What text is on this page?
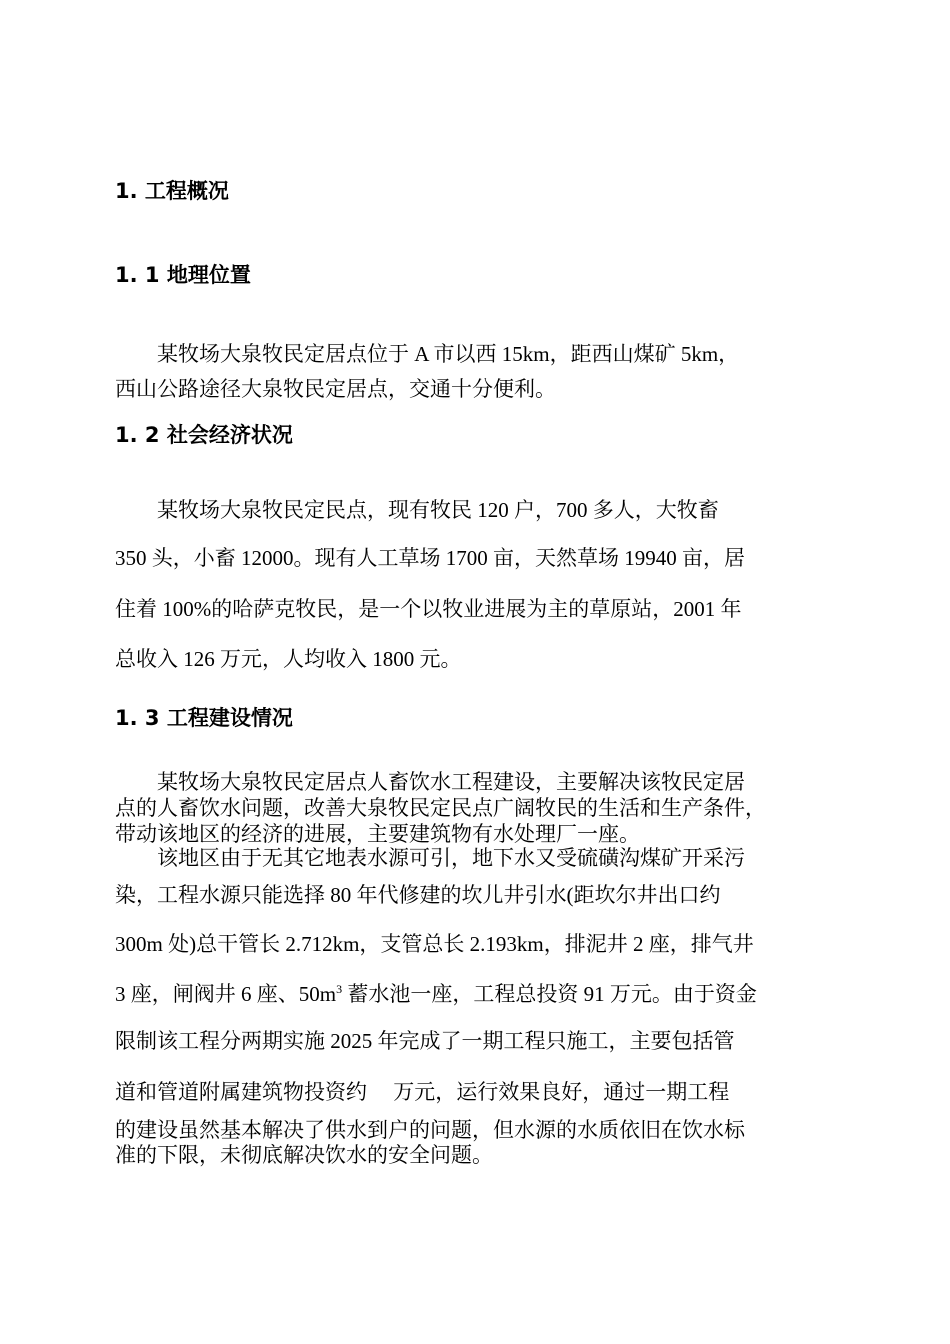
1. 工程概况
1. 1 地理位置
某牧场大泉牧民定居点位于 A 市以西 15km，距西山煤矿 5km，
西山公路途径大泉牧民定居点，交通十分便利。
1. 2 社会经济状况
某牧场大泉牧民定民点，现有牧民 120 户，700 多人，大牧畜
350 头，小畜 12000。现有人工草场 1700 亩，天然草场 19940 亩，居
住着 100%的哈萨克牧民，是一个以牧业进展为主的草原站，2001 年
总收入 126 万元，人均收入 1800 元。
1. 3 工程建设情况
某牧场大泉牧民定居点人畜饮水工程建设，主要解决该牧民定居
点的人畜饮水问题，改善大泉牧民定民点广阔牧民的生活和生产条件，
带动该地区的经济的进展，主要建筑物有水处理厂一座。
该地区由于无其它地表水源可引，地下水又受硫磺沟煤矿开采污
染，工程水源只能选择 80 年代修建的坎儿井引水(距坎尔井出口约
300m 处)总干管长 2.712km，支管总长 2.193km，排泥井 2 座，排气井
3 座，闸阀井 6 座、$50m^3$ 蓄水池一座，工程总投资 91 万元。由于资金
限制该工程分两期实施 2025 年完成了一期工程只施工，主要包括管
道和管道附属建筑物投资约　 万元，运行效果良好，通过一期工程
的建设虽然基本解决了供水到户的问题，但水源的水质依旧在饮水标
准的下限，未彻底解决饮水的安全问题。
